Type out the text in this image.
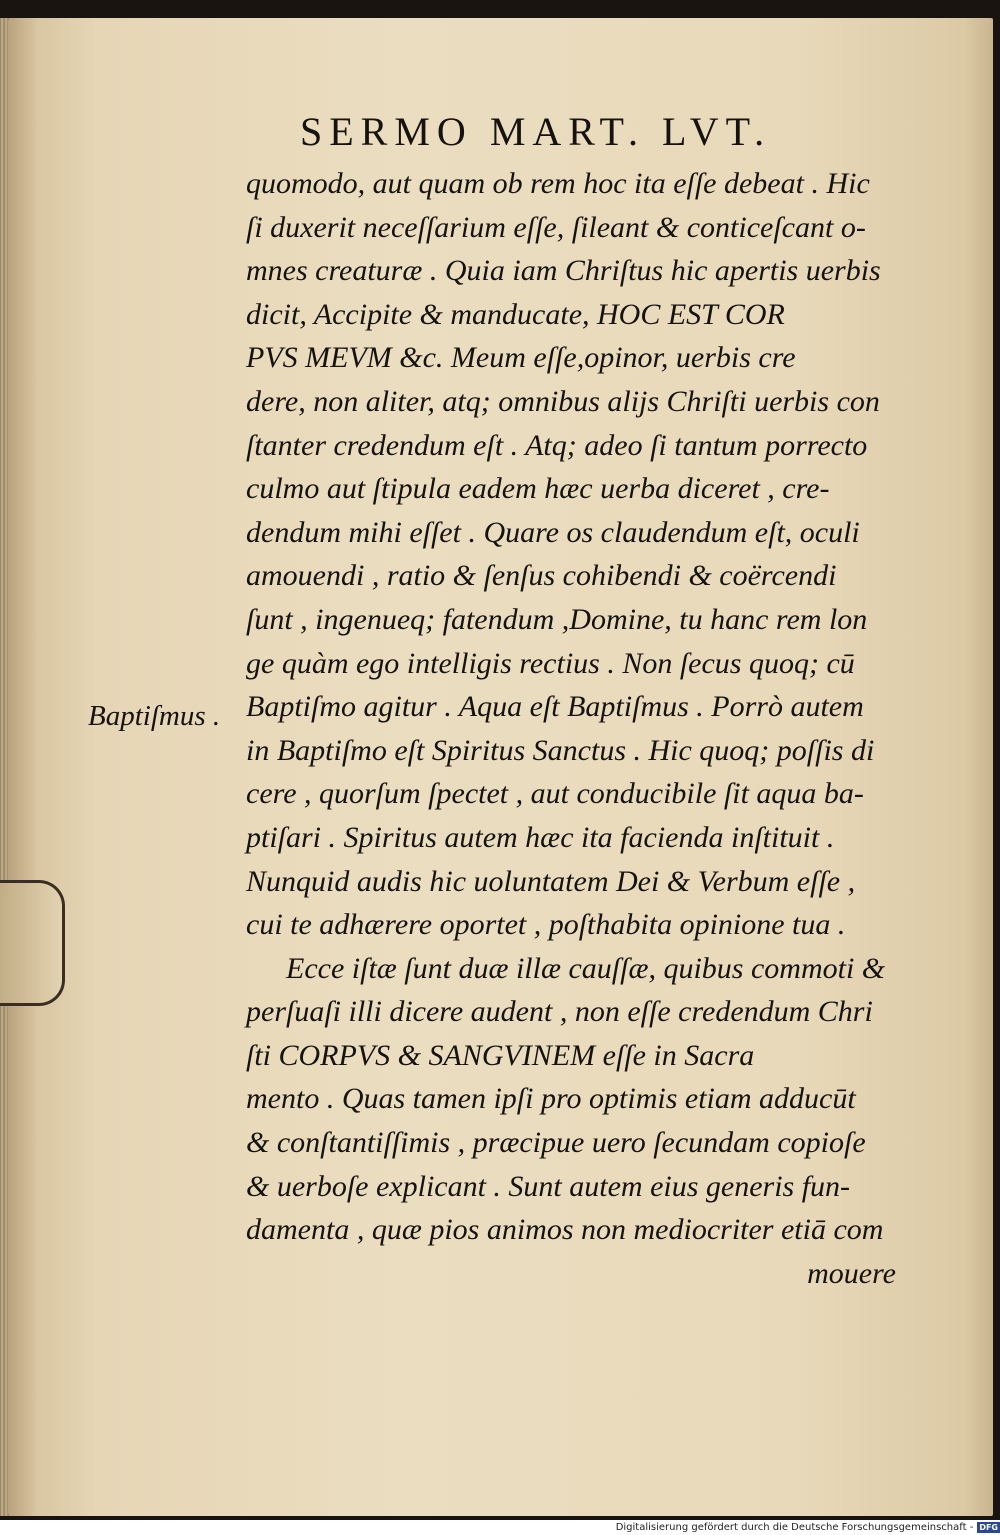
SERMO MART. LVT.
Baptiſmus .
quomodo, aut quam ob rem hoc ita eſſe debeat . Hic
ſi duxerit neceſſarium eſſe, ſileant & conticeſcant o-
mnes creaturæ . Quia iam Chriſtus hic apertis uerbis
dicit, Accipite & manducate, HOC EST COR
PVS MEVM &c. Meum eſſe,opinor, uerbis cre
dere, non aliter, atq; omnibus alijs Chriſti uerbis con
ſtanter credendum eſt . Atq; adeo ſi tantum porrecto
culmo aut ſtipula eadem hæc uerba diceret , cre-
dendum mihi eſſet . Quare os claudendum eſt, oculi
amouendi , ratio & ſenſus cohibendi & coërcendi
ſunt , ingenueq; fatendum ,Domine, tu hanc rem lon
ge quàm ego intelligis rectius . Non ſecus quoq; cū
Baptiſmo agitur . Aqua eſt Baptiſmus . Porrò autem
in Baptiſmo eſt Spiritus Sanctus . Hic quoq; poſſis di
cere , quorſum ſpectet , aut conducibile ſit aqua ba-
ptiſari . Spiritus autem hæc ita facienda inſtituit .
Nunquid audis hic uoluntatem Dei & Verbum eſſe ,
cui te adhærere oportet , poſthabita opinione tua .
Ecce iſtæ ſunt duæ illæ cauſſæ, quibus commoti &
perſuaſi illi dicere audent , non eſſe credendum Chri
ſti CORPVS & SANGVINEM eſſe in Sacra
mento . Quas tamen ipſi pro optimis etiam adducūt
& conſtantiſſimis , præcipue uero ſecundam copioſe
& uerboſe explicant . Sunt autem eius generis fun-
damenta , quæ pios animos non mediocriter etiā com
mouere
Digitalisierung gefördert durch die Deutsche Forschungsgemeinschaft - DFG
